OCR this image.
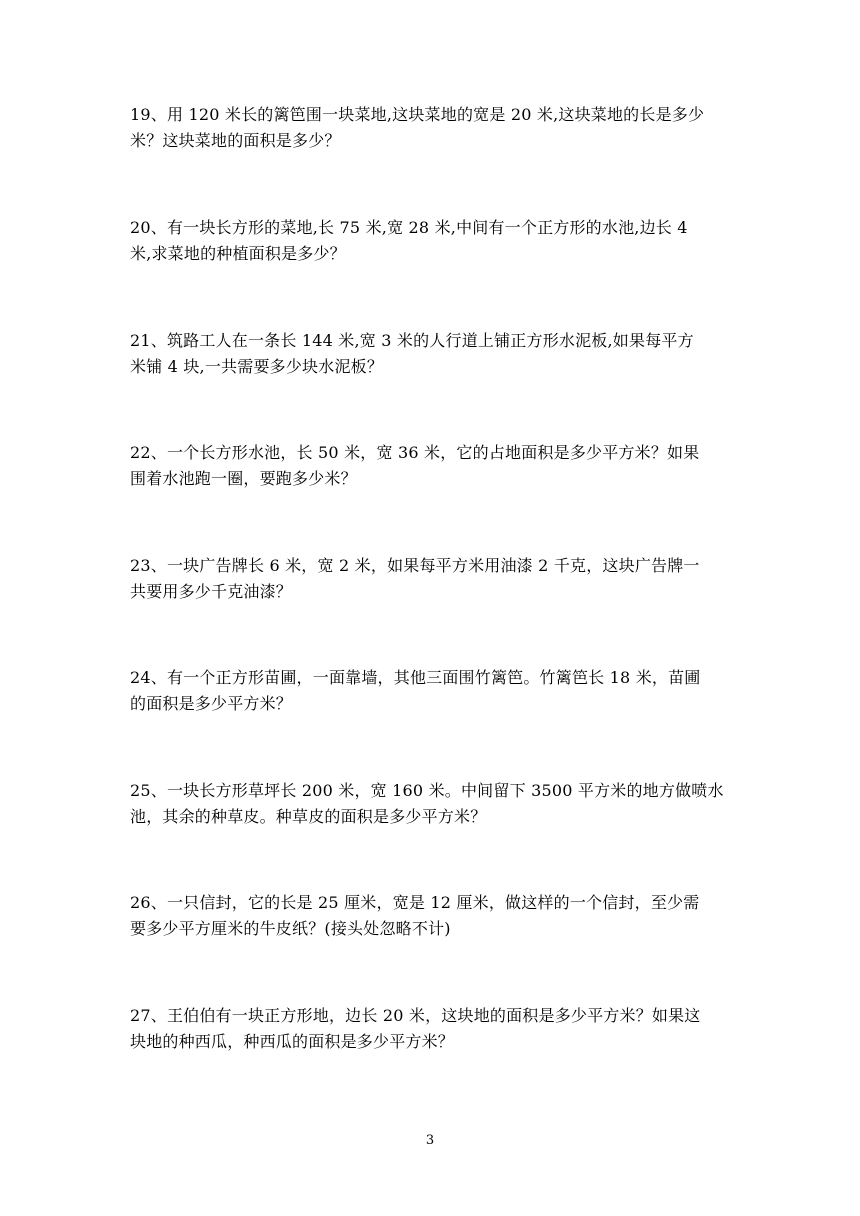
19、用 120 米长的篱笆围一块菜地,这块菜地的宽是 20 米,这块菜地的长是多少
米？这块菜地的面积是多少？
20、有一块长方形的菜地,长 75 米,宽 28 米,中间有一个正方形的水池,边长 4
米,求菜地的种植面积是多少？
21、筑路工人在一条长 144 米,宽 3 米的人行道上铺正方形水泥板,如果每平方
米铺 4 块,一共需要多少块水泥板？
22、一个长方形水池，长 50 米，宽 36 米，它的占地面积是多少平方米？如果
围着水池跑一圈，要跑多少米？
23、一块广告牌长 6 米，宽 2 米，如果每平方米用油漆 2 千克，这块广告牌一
共要用多少千克油漆？
24、有一个正方形苗圃，一面靠墙，其他三面围竹篱笆。竹篱笆长 18 米，苗圃
的面积是多少平方米？
25、一块长方形草坪长 200 米，宽 160 米。中间留下 3500 平方米的地方做喷水
池，其余的种草皮。种草皮的面积是多少平方米？
26、一只信封，它的长是 25 厘米，宽是 12 厘米，做这样的一个信封，至少需
要多少平方厘米的牛皮纸？(接头处忽略不计)
27、王伯伯有一块正方形地，边长 20 米，这块地的面积是多少平方米？如果这
块地的种西瓜，种西瓜的面积是多少平方米？
3
